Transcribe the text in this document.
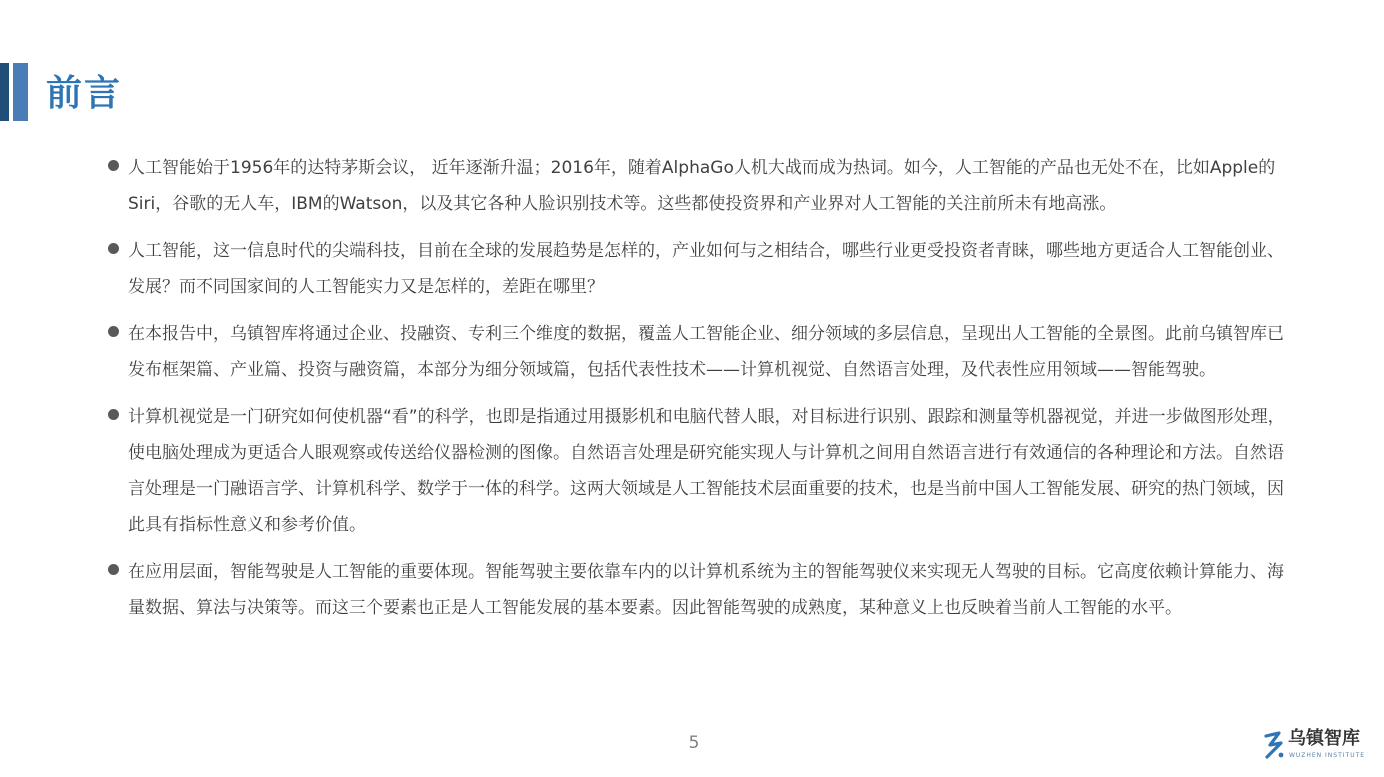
前言

人工智能始于1956年的达特茅斯会议， 近年逐渐升温；2016年，随着AlphaGo人机大战而成为热词。如今，人工智能的产品也无处不在，比如Apple的Siri，谷歌的无人车，IBM的Watson，以及其它各种人脸识别技术等。这些都使投资界和产业界对人工智能的关注前所未有地高涨。

人工智能，这一信息时代的尖端科技，目前在全球的发展趋势是怎样的，产业如何与之相结合，哪些行业更受投资者青睐，哪些地方更适合人工智能创业、发展？而不同国家间的人工智能实力又是怎样的，差距在哪里？

在本报告中，乌镇智库将通过企业、投融资、专利三个维度的数据，覆盖人工智能企业、细分领域的多层信息，呈现出人工智能的全景图。此前乌镇智库已发布框架篇、产业篇、投资与融资篇，本部分为细分领域篇，包括代表性技术——计算机视觉、自然语言处理，及代表性应用领域——智能驾驶。

计算机视觉是一门研究如何使机器“看”的科学，也即是指通过用摄影机和电脑代替人眼，对目标进行识别、跟踪和测量等机器视觉，并进一步做图形处理，使电脑处理成为更适合人眼观察或传送给仪器检测的图像。自然语言处理是研究能实现人与计算机之间用自然语言进行有效通信的各种理论和方法。自然语言处理是一门融语言学、计算机科学、数学于一体的科学。这两大领域是人工智能技术层面重要的技术，也是当前中国人工智能发展、研究的热门领域，因此具有指标性意义和参考价值。

在应用层面，智能驾驶是人工智能的重要体现。智能驾驶主要依靠车内的以计算机系统为主的智能驾驶仪来实现无人驾驶的目标。它高度依赖计算能力、海量数据、算法与决策等。而这三个要素也正是人工智能发展的基本要素。因此智能驾驶的成熟度，某种意义上也反映着当前人工智能的水平。

5	乌镇智库
WUZHEN INSTITUTE
